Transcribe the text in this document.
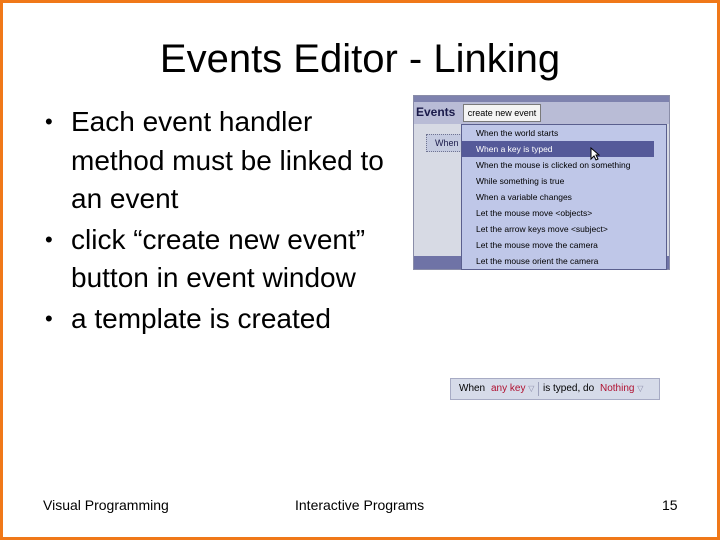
Events Editor - Linking
• Each event handler method must be linked to an event
• click “create new event” button in event window
• a template is created
Visual Programming	Interactive Programs	15
Events	create new event
When
When the world starts
When a key is typed
When the mouse is clicked on something
While something is true
When a variable changes
Let the mouse move <objects>
Let the arrow keys move <subject>
Let the mouse move the camera
Let the mouse orient the camera
When any key ▽ is typed, do Nothing ▽
